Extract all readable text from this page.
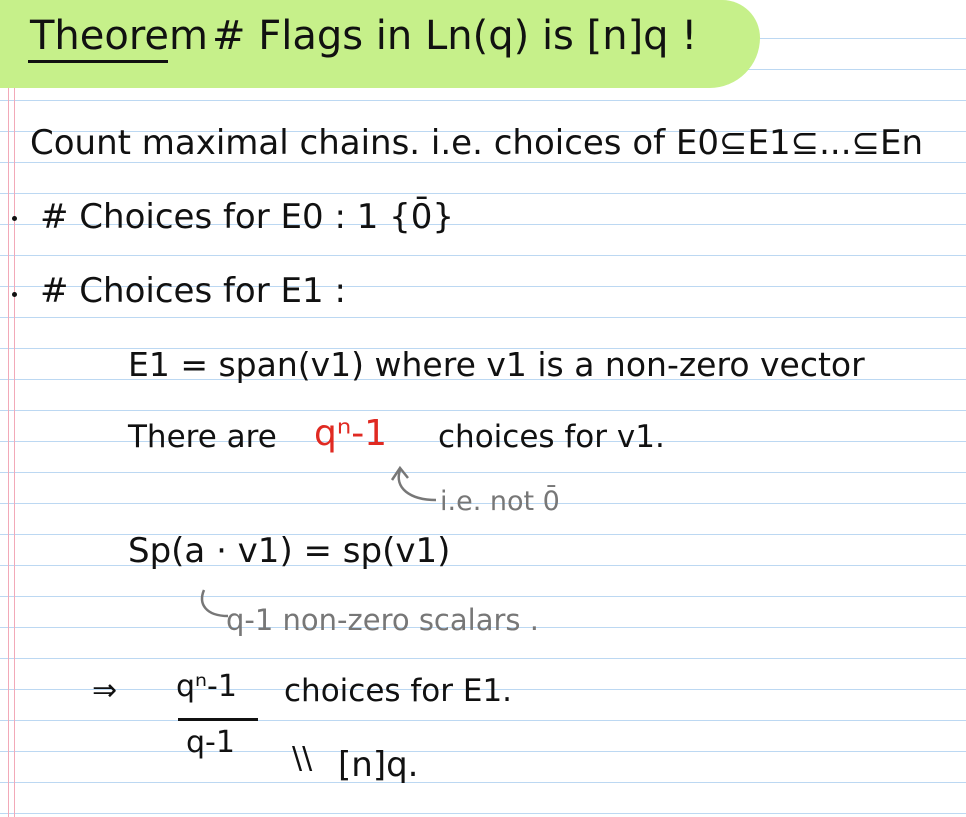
Theorem # Flags in Ln(q) is [n]q !
Count maximal chains. i.e. choices of E0⊆E1⊆...⊆En
# Choices for E0 : 1 {0̄}
# Choices for E1 :
E1 = span(v1) where v1 is a non-zero vector
There are qⁿ-1 choices for v1.
i.e. not 0̄
Sp(a · v1) = sp(v1)
q-1 non-zero scalars .
⇒ qⁿ-1 choices for E1.
q-1 \\ [n]q.
